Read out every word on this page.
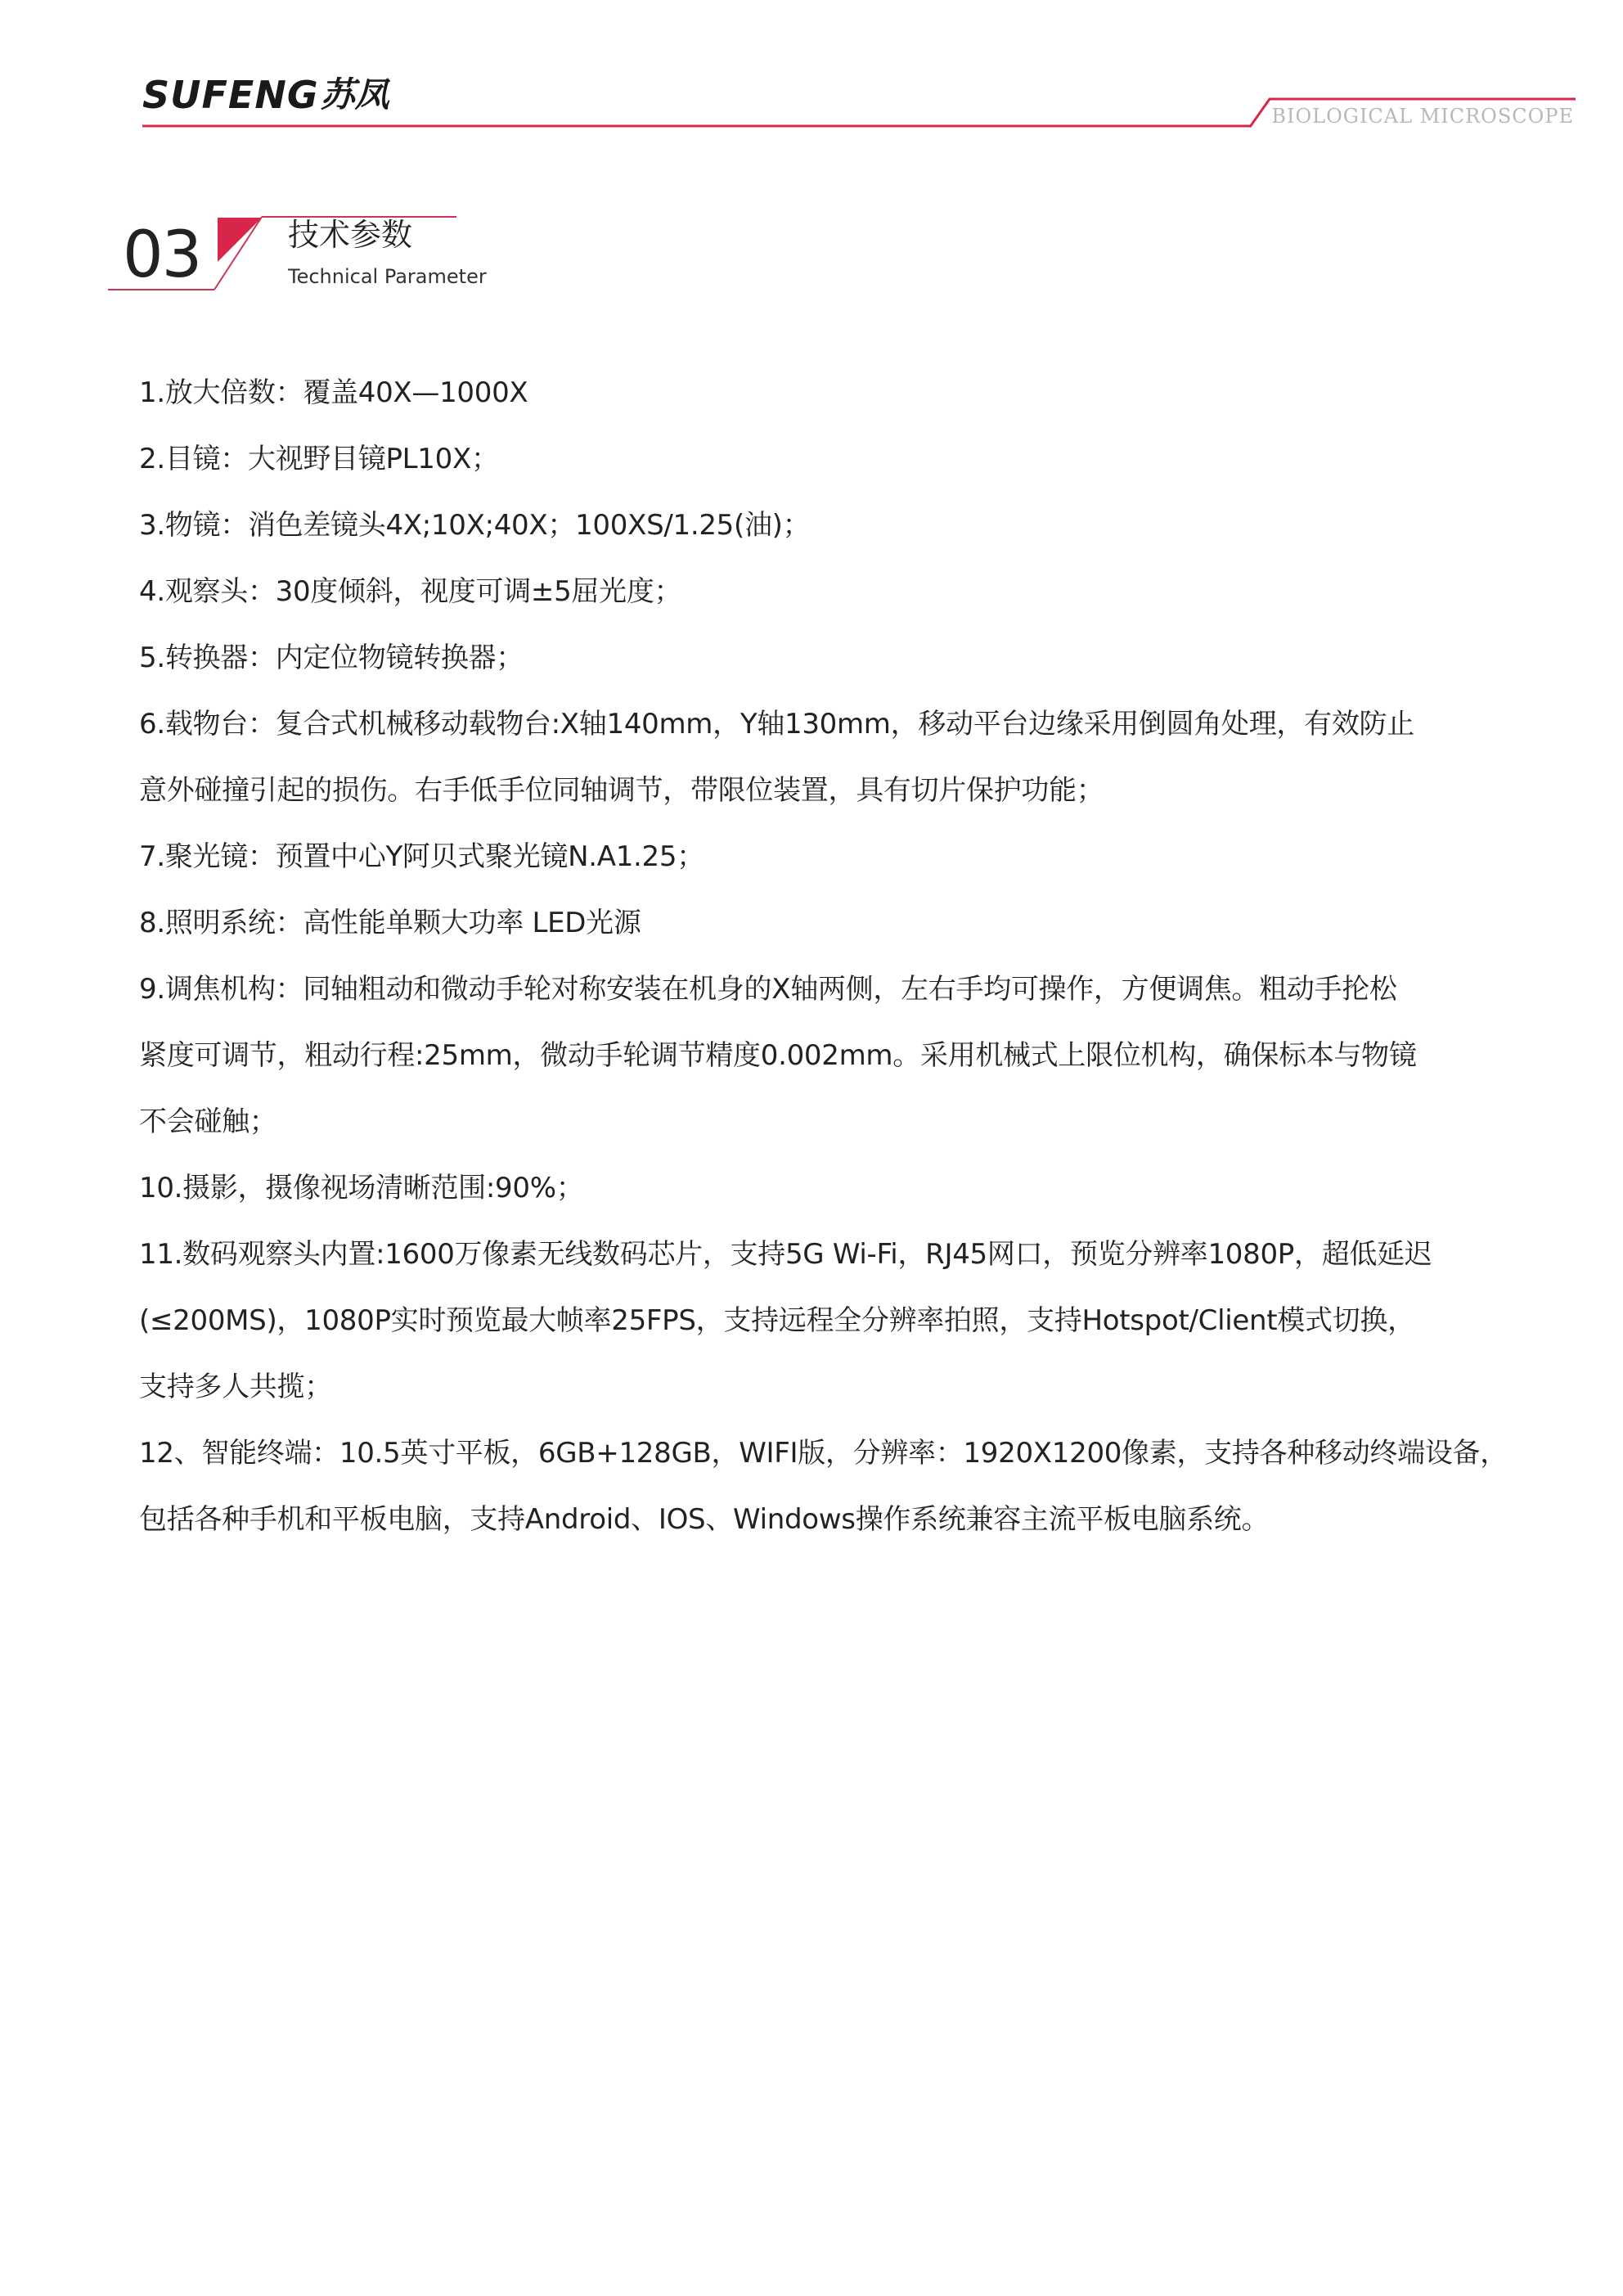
SUFENG 苏凤
BIOLOGICAL MICROSCOPE
03	技术参数
Technical Parameter
1.放大倍数：覆盖40X—1000X
2.目镜：大视野目镜PL10X；
3.物镜：消色差镜头4X;10X;40X；100XS/1.25(油)；
4.观察头：30度倾斜，视度可调±5屈光度；
5.转换器：内定位物镜转换器；
6.载物台：复合式机械移动载物台:X轴140mm，Y轴130mm，移动平台边缘采用倒圆角处理，有效防止
意外碰撞引起的损伤。右手低手位同轴调节，带限位装置，具有切片保护功能；
7.聚光镜：预置中心Y阿贝式聚光镜N.A1.25；
8.照明系统：高性能单颗大功率 LED光源
9.调焦机构：同轴粗动和微动手轮对称安装在机身的X轴两侧，左右手均可操作，方便调焦。粗动手抡松
紧度可调节，粗动行程:25mm，微动手轮调节精度0.002mm。采用机械式上限位机构，确保标本与物镜
不会碰触；
10.摄影，摄像视场清晰范围:90%；
11.数码观察头内置:1600万像素无线数码芯片，支持5G Wi-Fi，RJ45网口，预览分辨率1080P，超低延迟
(≤200MS)，1080P实时预览最大帧率25FPS，支持远程全分辨率拍照，支持Hotspot/Client模式切换，
支持多人共揽；
12、智能终端：10.5英寸平板，6GB+128GB，WIFI版，分辨率：1920X1200像素，支持各种移动终端设备，
包括各种手机和平板电脑，支持Android、IOS、Windows操作系统兼容主流平板电脑系统。
